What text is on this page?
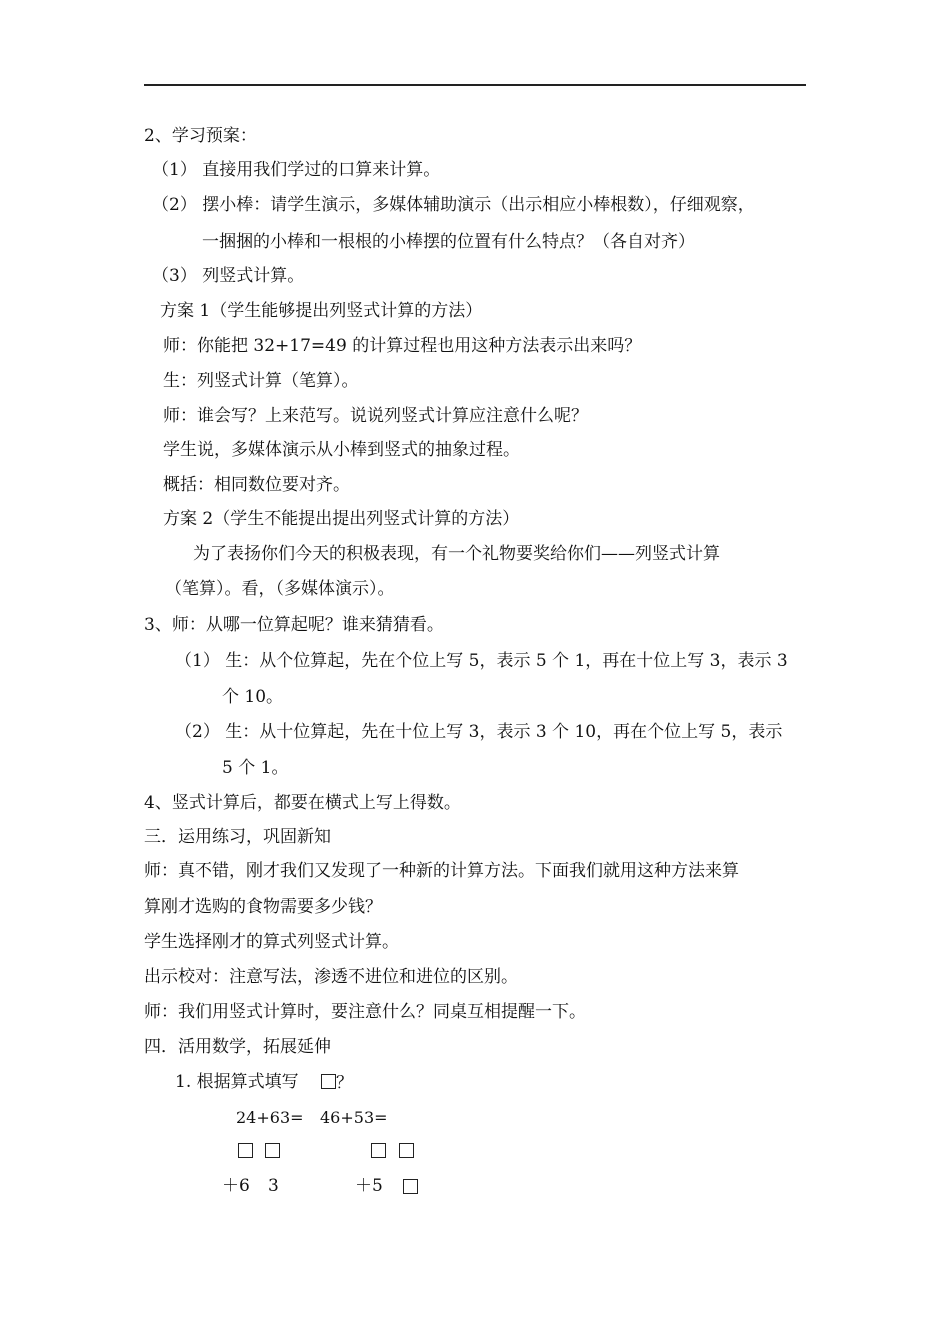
2、学习预案：
（1） 直接用我们学过的口算来计算。
（2） 摆小棒：请学生演示，多媒体辅助演示（出示相应小棒根数），仔细观察，
一捆捆的小棒和一根根的小棒摆的位置有什么特点？（各自对齐）
（3） 列竖式计算。
方案 1（学生能够提出列竖式计算的方法）
师：你能把 32+17=49 的计算过程也用这种方法表示出来吗？
生：列竖式计算（笔算）。
师：谁会写？上来范写。说说列竖式计算应注意什么呢？
学生说，多媒体演示从小棒到竖式的抽象过程。
概括：相同数位要对齐。
方案 2（学生不能提出提出列竖式计算的方法）
为了表扬你们今天的积极表现，有一个礼物要奖给你们——列竖式计算
（笔算）。看，（多媒体演示）。
3、师：从哪一位算起呢？谁来猜猜看。
（1） 生：从个位算起，先在个位上写 5，表示 5 个 1，再在十位上写 3，表示 3
个 10。
（2） 生：从十位算起，先在十位上写 3，表示 3 个 10，再在个位上写 5，表示
5 个 1。
4、竖式计算后，都要在横式上写上得数。
三．运用练习，巩固新知
师：真不错，刚才我们又发现了一种新的计算方法。下面我们就用这种方法来算
算刚才选购的食物需要多少钱？
学生选择刚才的算式列竖式计算。
出示校对：注意写法，渗透不进位和进位的区别。
师：我们用竖式计算时，要注意什么？同桌互相提醒一下。
四．活用数学，拓展延伸
1. 根据算式填写	？
24+63= 46+53=
＋6 3	＋5
